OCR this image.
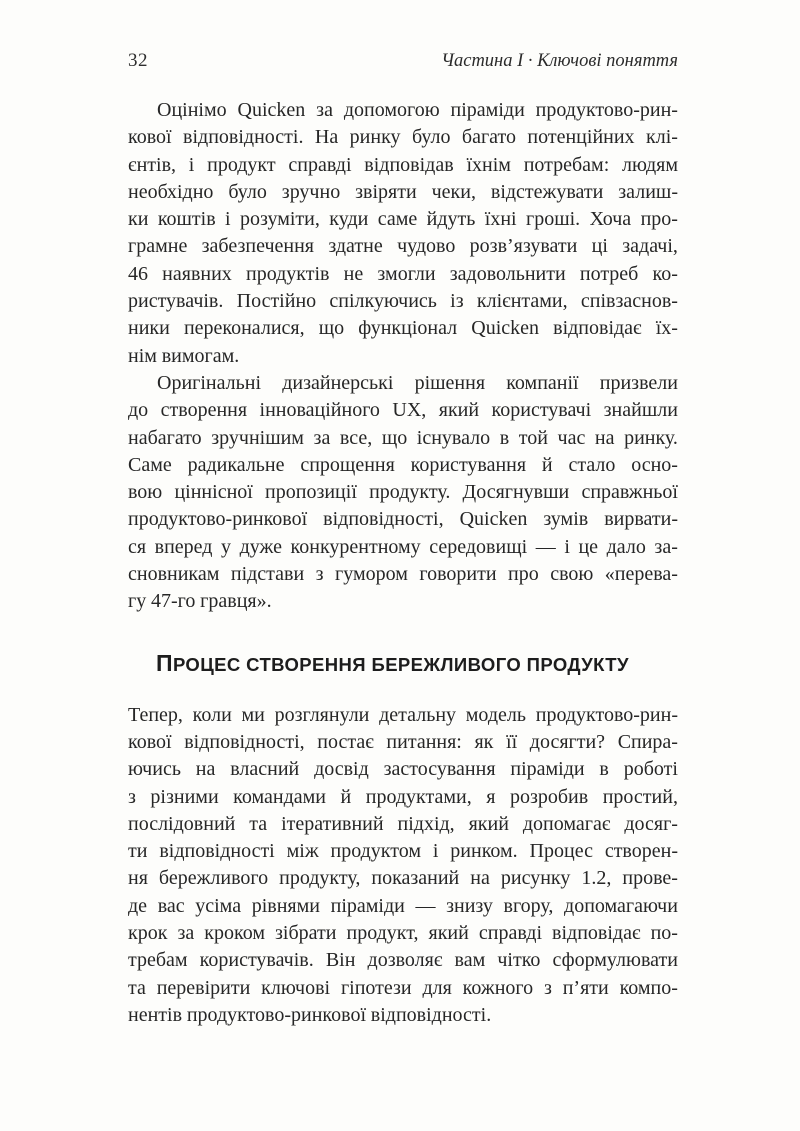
32	Частина I · Ключові поняття
Оцінімо Quicken за допомогою піраміди продуктово-рин-
кової відповідності. На ринку було багато потенційних клі-
єнтів, і продукт справді відповідав їхнім потребам: людям
необхідно було зручно звіряти чеки, відстежувати залиш-
ки коштів і розуміти, куди саме йдуть їхні гроші. Хоча про-
грамне забезпечення здатне чудово розв’язувати ці задачі,
46 наявних продуктів не змогли задовольнити потреб ко-
ристувачів. Постійно спілкуючись із клієнтами, співзаснов-
ники переконалися, що функціонал Quicken відповідає їх-
нім вимогам.
Оригінальні дизайнерські рішення компанії призвели
до створення інноваційного UX, який користувачі знайшли
набагато зручнішим за все, що існувало в той час на ринку.
Саме радикальне спрощення користування й стало осно-
вою ціннісної пропозиції продукту. Досягнувши справжньої
продуктово-ринкової відповідності, Quicken зумів вирвати-
ся вперед у дуже конкурентному середовищі — і це дало за-
сновникам підстави з гумором говорити про свою «перева-
гу 47-го гравця».
ПРОЦЕС СТВОРЕННЯ БЕРЕЖЛИВОГО ПРОДУКТУ
Тепер, коли ми розглянули детальну модель продуктово-рин-
кової відповідності, постає питання: як її досягти? Спира-
ючись на власний досвід застосування піраміди в роботі
з різними командами й продуктами, я розробив простий,
послідовний та ітеративний підхід, який допомагає досяг-
ти відповідності між продуктом і ринком. Процес створен-
ня бережливого продукту, показаний на рисунку 1.2, прове-
де вас усіма рівнями піраміди — знизу вгору, допомагаючи
крок за кроком зібрати продукт, який справді відповідає по-
требам користувачів. Він дозволяє вам чітко сформулювати
та перевірити ключові гіпотези для кожного з п’яти компо-
нентів продуктово-ринкової відповідності.
